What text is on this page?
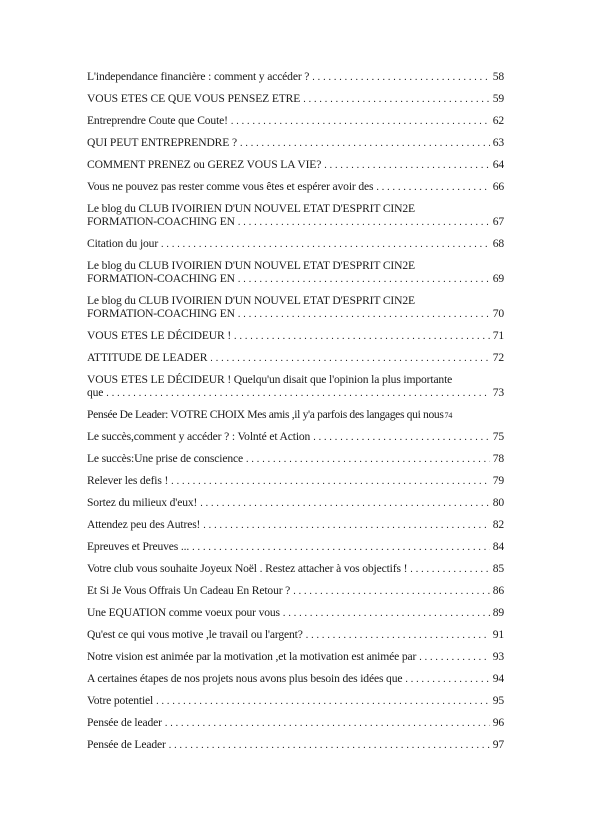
L'independance financière : comment y accéder ? . . .	58
VOUS ETES CE QUE VOUS PENSEZ ETRE . . .	59
Entreprendre Coute que Coute! . . .	62
QUI PEUT ENTREPRENDRE ? . . .	63
COMMENT PRENEZ ou GEREZ VOUS LA VIE? . . .	64
Vous ne pouvez pas rester comme vous êtes et espérer avoir des . . .	66
Le blog du CLUB IVOIRIEN D'UN NOUVEL ETAT D'ESPRIT CIN2E
FORMATION-COACHING EN . . .	67
Citation du jour . . .	68
Le blog du CLUB IVOIRIEN D'UN NOUVEL ETAT D'ESPRIT CIN2E
FORMATION-COACHING EN . . .	69
Le blog du CLUB IVOIRIEN D'UN NOUVEL ETAT D'ESPRIT CIN2E
FORMATION-COACHING EN . . .	70
VOUS ETES LE DÉCIDEUR ! . . .	71
ATTITUDE DE LEADER . . .	72
VOUS ETES LE DÉCIDEUR ! Quelqu'un disait que l'opinion la plus importante
que . . .	73
Pensée De Leader: VOTRE CHOIX Mes amis ,il y'a parfois des langages qui nous 74
Le succès,comment y accéder ? : Volnté et Action . . .	75
Le succès:Une prise de conscience . . .	78
Relever les defis ! . . .	79
Sortez du milieux d'eux! . . .	80
Attendez peu des Autres! . . .	82
Epreuves et Preuves ... . . .	84
Votre club vous souhaite Joyeux Noël . Restez attacher à vos objectifs ! . . .	85
Et Si Je Vous Offrais Un Cadeau En Retour ? . . .	86
Une EQUATION comme voeux pour vous . . .	89
Qu'est ce qui vous motive ,le travail ou l'argent? . . .	91
Notre vision est animée par la motivation ,et la motivation est animée par . . .	93
A certaines étapes de nos projets nous avons plus besoin des idées que . . .	94
Votre potentiel . . .	95
Pensée de leader . . .	96
Pensée de Leader . . .	97
